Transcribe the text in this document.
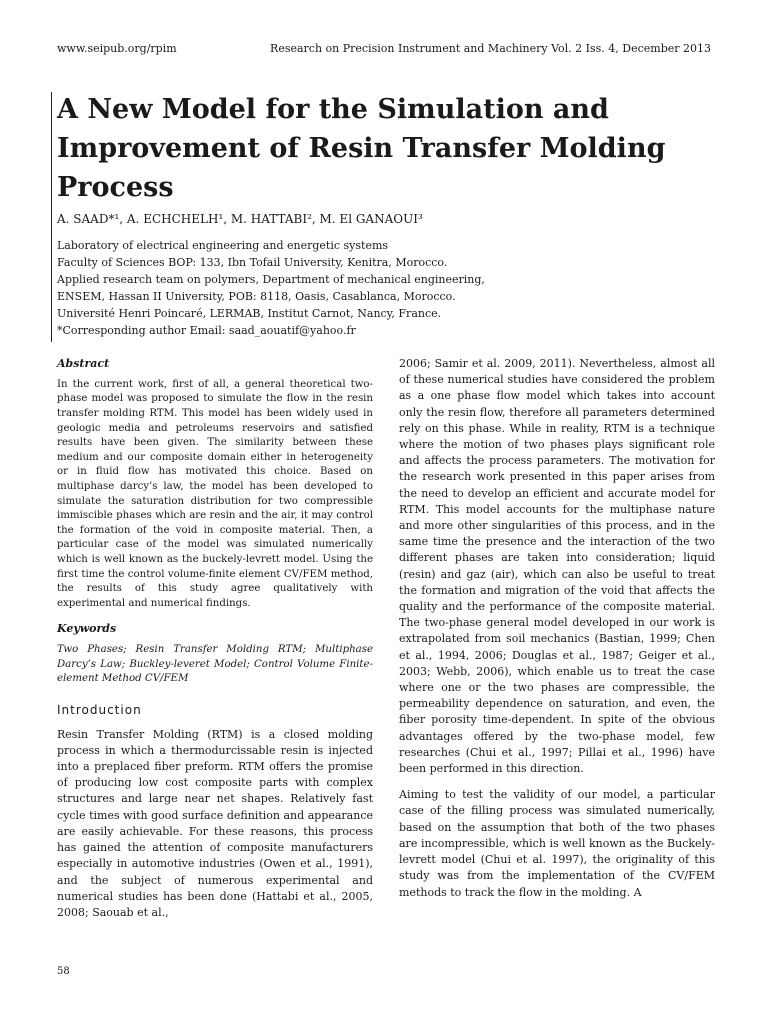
www.seipub.org/rpim	Research on Precision Instrument and Machinery Vol. 2 Iss. 4, December 2013
A New Model for the Simulation and Improvement of Resin Transfer Molding Process
A. SAAD*¹, A. ECHCHELH¹, M. HATTABI², M. El GANAOUI³
Laboratory of electrical engineering and energetic systems
Faculty of Sciences BOP: 133, Ibn Tofail University, Kenitra, Morocco.
Applied research team on polymers, Department of mechanical engineering,
ENSEM, Hassan II University, POB: 8118, Oasis, Casablanca, Morocco.
Université Henri Poincaré, LERMAB, Institut Carnot, Nancy, France.
*Corresponding author Email: saad_aouatif@yahoo.fr

Abstract

In the current work, first of all, a general theoretical two-phase model was proposed to simulate the flow in the resin transfer molding RTM. This model has been widely used in geologic media and petroleums reservoirs and satisfied results have been given. The similarity between these medium and our composite domain either in heterogeneity or in fluid flow has motivated this choice. Based on multiphase darcy’s law, the model has been developed to simulate the saturation distribution for two compressible immiscible phases which are resin and the air, it may control the formation of the void in composite material. Then, a particular case of the model was simulated numerically which is well known as the buckely-levrett model. Using the first time the control volume-finite element CV/FEM method, the results of this study agree qualitatively with experimental and numerical findings.

Keywords

Two Phases; Resin Transfer Molding RTM; Multiphase Darcy’s Law; Buckley-leveret Model; Control Volume Finite-element Method CV/FEM

Introduction

Resin Transfer Molding (RTM) is a closed molding process in which a thermodurcissable resin is injected into a preplaced fiber preform. RTM offers the promise of producing low cost composite parts with complex structures and large near net shapes. Relatively fast cycle times with good surface definition and appearance are easily achievable. For these reasons, this process has gained the attention of composite manufacturers especially in automotive industries (Owen et al., 1991), and the subject of numerous experimental and numerical studies has been done (Hattabi et al., 2005, 2008; Saouab et al.,

2006; Samir et al. 2009, 2011). Nevertheless, almost all of these numerical studies have considered the problem as a one phase flow model which takes into account only the resin flow, therefore all parameters determined rely on this phase. While in reality, RTM is a technique where the motion of two phases plays significant role and affects the process parameters. The motivation for the research work presented in this paper arises from the need to develop an efficient and accurate model for RTM. This model accounts for the multiphase nature and more other singularities of this process, and in the same time the presence and the interaction of the two different phases are taken into consideration; liquid (resin) and gaz (air), which can also be useful to treat the formation and migration of the void that affects the quality and the performance of the composite material. The two-phase general model developed in our work is extrapolated from soil mechanics (Bastian, 1999; Chen et al., 1994, 2006; Douglas et al., 1987; Geiger et al., 2003; Webb, 2006), which enable us to treat the case where one or the two phases are compressible, the permeability dependence on saturation, and even, the fiber porosity time-dependent. In spite of the obvious advantages offered by the two-phase model, few researches (Chui et al., 1997; Pillai et al., 1996) have been performed in this direction.

Aiming to test the validity of our model, a particular case of the filling process was simulated numerically, based on the assumption that both of the two phases are incompressible, which is well known as the Buckely-levrett model (Chui et al. 1997), the originality of this study was from the implementation of the CV/FEM methods to track the flow in the molding. A

58
